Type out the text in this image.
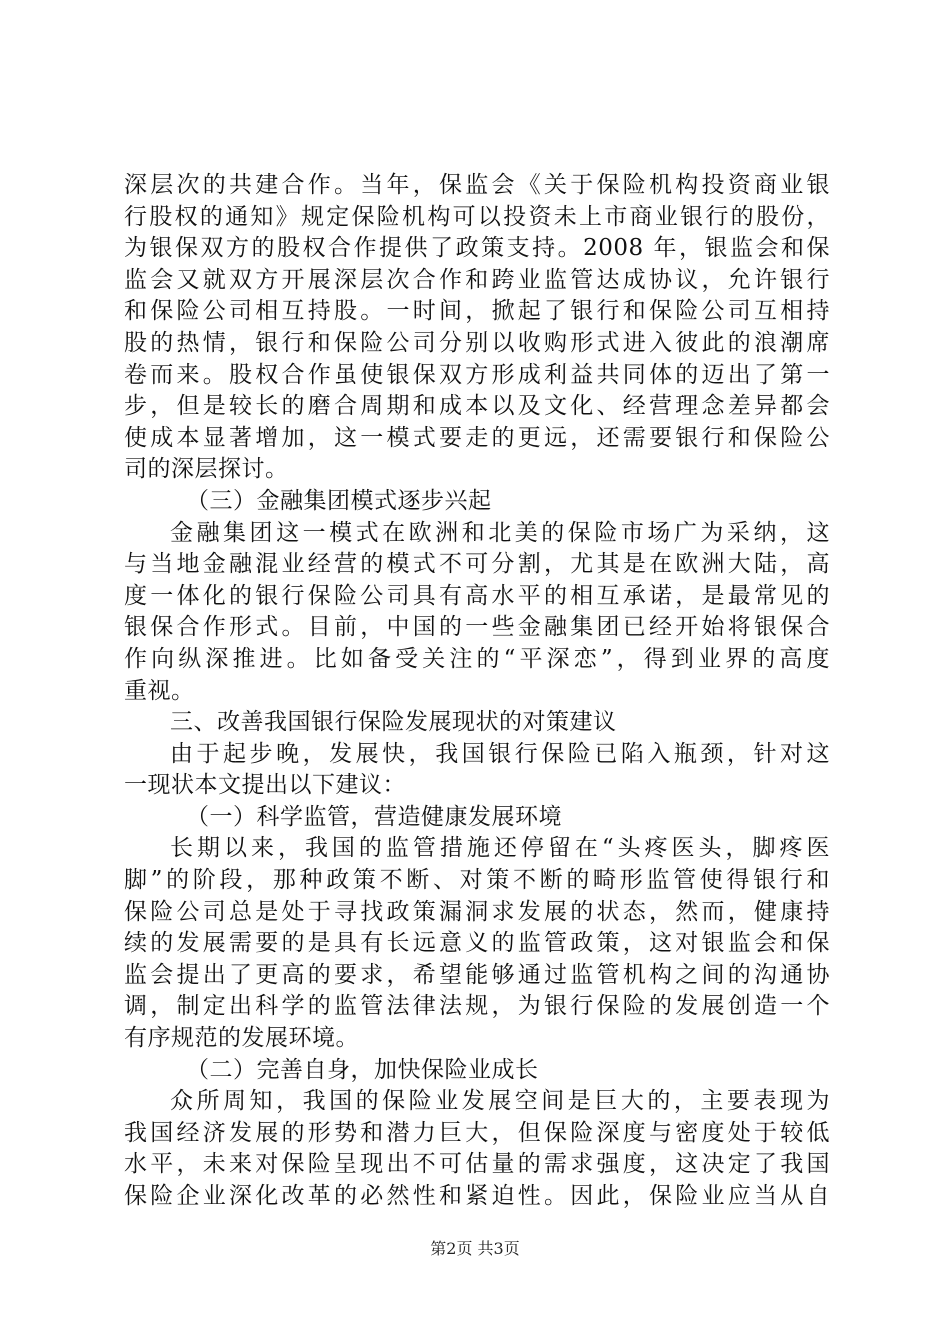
深层次的共建合作。当年，保监会《关于保险机构投资商业银
行股权的通知》规定保险机构可以投资未上市商业银行的股份，
为银保双方的股权合作提供了政策支持。2008 年，银监会和保
监会又就双方开展深层次合作和跨业监管达成协议，允许银行
和保险公司相互持股。一时间，掀起了银行和保险公司互相持
股的热情，银行和保险公司分别以收购形式进入彼此的浪潮席
卷而来。股权合作虽使银保双方形成利益共同体的迈出了第一
步，但是较长的磨合周期和成本以及文化、经营理念差异都会
使成本显著增加，这一模式要走的更远，还需要银行和保险公
司的深层探讨。
（三）金融集团模式逐步兴起
金融集团这一模式在欧洲和北美的保险市场广为采纳，这
与当地金融混业经营的模式不可分割，尤其是在欧洲大陆，高
度一体化的银行保险公司具有高水平的相互承诺，是最常见的
银保合作形式。目前，中国的一些金融集团已经开始将银保合
作向纵深推进。比如备受关注的“平深恋”，得到业界的高度
重视。
三、改善我国银行保险发展现状的对策建议
由于起步晚，发展快，我国银行保险已陷入瓶颈，针对这
一现状本文提出以下建议：
（一）科学监管，营造健康发展环境
长期以来，我国的监管措施还停留在“头疼医头，脚疼医
脚”的阶段，那种政策不断、对策不断的畸形监管使得银行和
保险公司总是处于寻找政策漏洞求发展的状态，然而，健康持
续的发展需要的是具有长远意义的监管政策，这对银监会和保
监会提出了更高的要求，希望能够通过监管机构之间的沟通协
调，制定出科学的监管法律法规，为银行保险的发展创造一个
有序规范的发展环境。
（二）完善自身，加快保险业成长
众所周知，我国的保险业发展空间是巨大的，主要表现为
我国经济发展的形势和潜力巨大，但保险深度与密度处于较低
水平，未来对保险呈现出不可估量的需求强度，这决定了我国
保险企业深化改革的必然性和紧迫性。因此，保险业应当从自
第2页 共3页
